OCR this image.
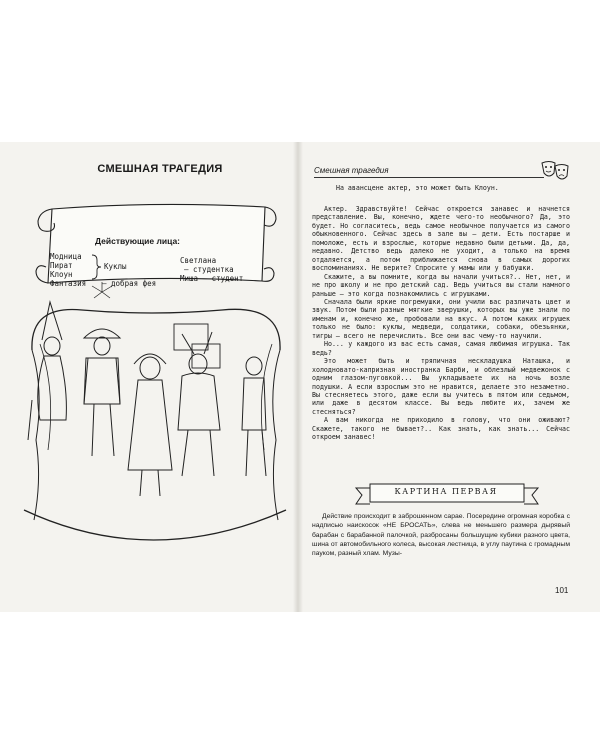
СМЕШНАЯ ТРАГЕДИЯ
Действующие лица:
Модница
Пират
Клоун
Фантазия
Куклы
– добрая фея
Светлана
– студентка
Миша – студент
Смешная трагедия
На авансцене актер, это может быть Клоун.

Актер. Здравствуйте! Сейчас откроется занавес и начнется представление. Вы, конечно, ждете чего-то необычного? Да, это будет. Но согласитесь, ведь самое необычное получается из самого обыкновенного. Сейчас здесь в зале вы – дети. Есть постарше и помоложе, есть и взрослые, которые недавно были детьми. Да, да, недавно. Детство ведь далеко не уходит, а только на время отдаляется, а потом приближается снова в самых дорогих воспоминаниях. Не верите? Спросите у мамы или у бабушки.

Скажите, а вы помните, когда вы начали учиться?.. Нет, нет, и не про школу и не про детский сад. Ведь учиться вы стали намного раньше – это когда познакомились с игрушками.

Сначала были яркие погремушки, они учили вас различать цвет и звук. Потом были разные мягкие зверушки, которых вы уже знали по именам и, конечно же, пробовали на вкус. А потом каких игрушек только не было: куклы, медведи, солдатики, собаки, обезьянки, тигры – всего не перечислить. Все они вас чему-то научили.

Но... у каждого из вас есть самая, самая любимая игрушка. Так ведь?

Это может быть и тряпичная нескладушка Наташка, и холодновато-капризная иностранка Барби, и облезлый медвежонок с одним глазом-пуговкой... Вы укладываете их на ночь возле подушки. А если взрослым это не нравится, делаете это незаметно. Вы стесняетесь этого, даже если вы учитесь в пятом или седьмом, или даже в десятом классе. Вы ведь любите их, зачем же стесняться?

А вам никогда не приходило в голову, что они оживают? Скажете, такого не бывает?.. Как знать, как знать... Сейчас откроем занавес!

КАРТИНА ПЕРВАЯ

Действие происходит в заброшенном сарае. Посередине огромная коробка с надписью наискосок «НЕ БРОСАТЬ», слева не меньшего размера дырявый барабан с барабанной палочкой, разбросаны большущие кубики разного цвета, шина от автомобильного колеса, высокая лестница, в углу паутина с громадным пауком, разный хлам. Музы-

101
